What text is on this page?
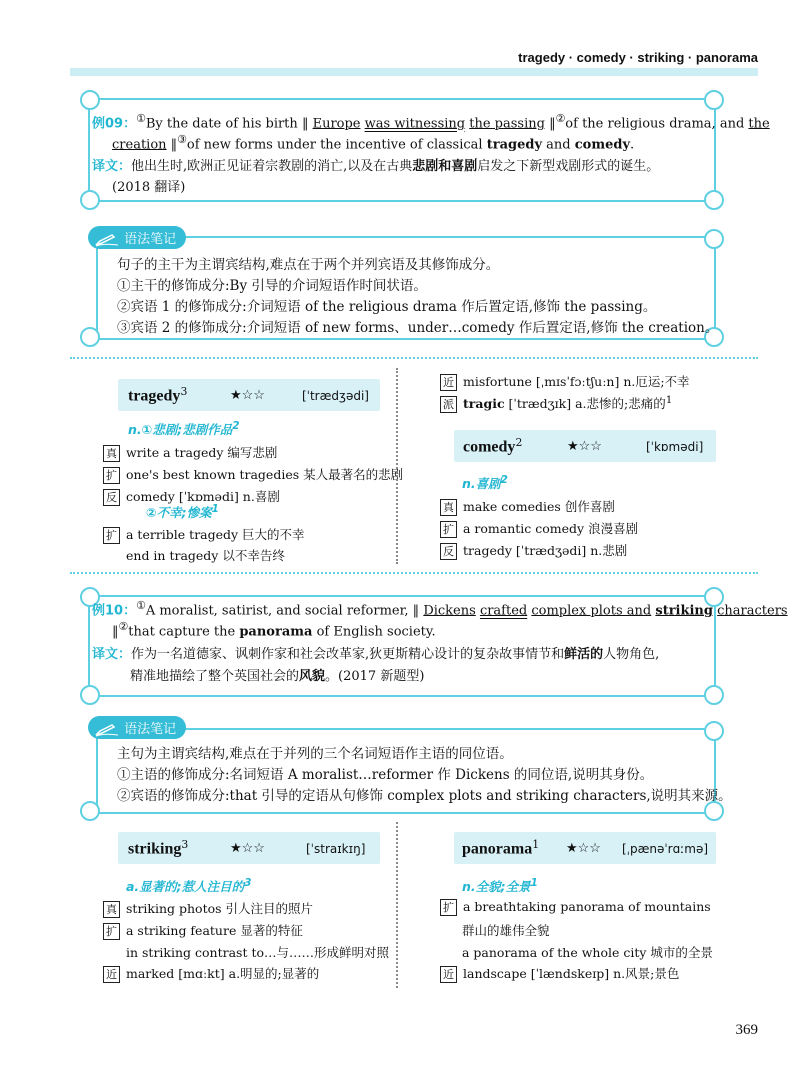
tragedy · comedy · striking · panorama
例09：①By the date of his birth ‖ Europe was witnessing the passing ‖②of the religious drama, and the
creation ‖③of new forms under the incentive of classical tragedy and comedy.
译文：他出生时,欧洲正见证着宗教剧的消亡,以及在古典悲剧和喜剧启发之下新型戏剧形式的诞生。
(2018 翻译)
语法笔记
句子的主干为主谓宾结构,难点在于两个并列宾语及其修饰成分。
①主干的修饰成分:By 引导的介词短语作时间状语。
②宾语 1 的修饰成分:介词短语 of the religious drama 作后置定语,修饰 the passing。
③宾语 2 的修饰成分:介词短语 of new forms、under…comedy 作后置定语,修饰 the creation。
tragedy$^3$	★☆☆	[ˈtrædʒədi]
n.①悲剧;悲剧作品$^2$
真 write a tragedy 编写悲剧
扩 one's best known tragedies 某人最著名的悲剧
反 comedy [ˈkɒmədi] n.喜剧
②不幸;惨案$^1$
扩 a terrible tragedy 巨大的不幸
end in tragedy 以不幸告终
近 misfortune [ˌmɪsˈfɔːtʃuːn] n.厄运;不幸
派 tragic [ˈtrædʒɪk] a.悲惨的;悲痛的$^1$
comedy$^2$	★☆☆	[ˈkɒmədi]
n.喜剧$^2$
真 make comedies 创作喜剧
扩 a romantic comedy 浪漫喜剧
反 tragedy [ˈtrædʒədi] n.悲剧
例10：①A moralist, satirist, and social reformer, ‖ Dickens crafted complex plots and striking characters
‖②that capture the panorama of English society.
译文：作为一名道德家、讽刺作家和社会改革家,狄更斯精心设计的复杂故事情节和鲜活的人物角色,
精准地描绘了整个英国社会的风貌。(2017 新题型)
语法笔记
主句为主谓宾结构,难点在于并列的三个名词短语作主语的同位语。
①主语的修饰成分:名词短语 A moralist…reformer 作 Dickens 的同位语,说明其身份。
②宾语的修饰成分:that 引导的定语从句修饰 complex plots and striking characters,说明其来源。
striking$^3$	★☆☆	[ˈstraɪkɪŋ]
a.显著的;惹人注目的$^3$
真 striking photos 引人注目的照片
扩 a striking feature 显著的特征
in striking contrast to…与……形成鲜明对照
近 marked [mɑːkt] a.明显的;显著的
panorama$^1$ ★☆☆ [ˌpænəˈrɑːmə]
n.全貌;全景$^1$
扩 a breathtaking panorama of mountains
群山的雄伟全貌
a panorama of the whole city 城市的全景
近 landscape [ˈlændskeɪp] n.风景;景色
369
